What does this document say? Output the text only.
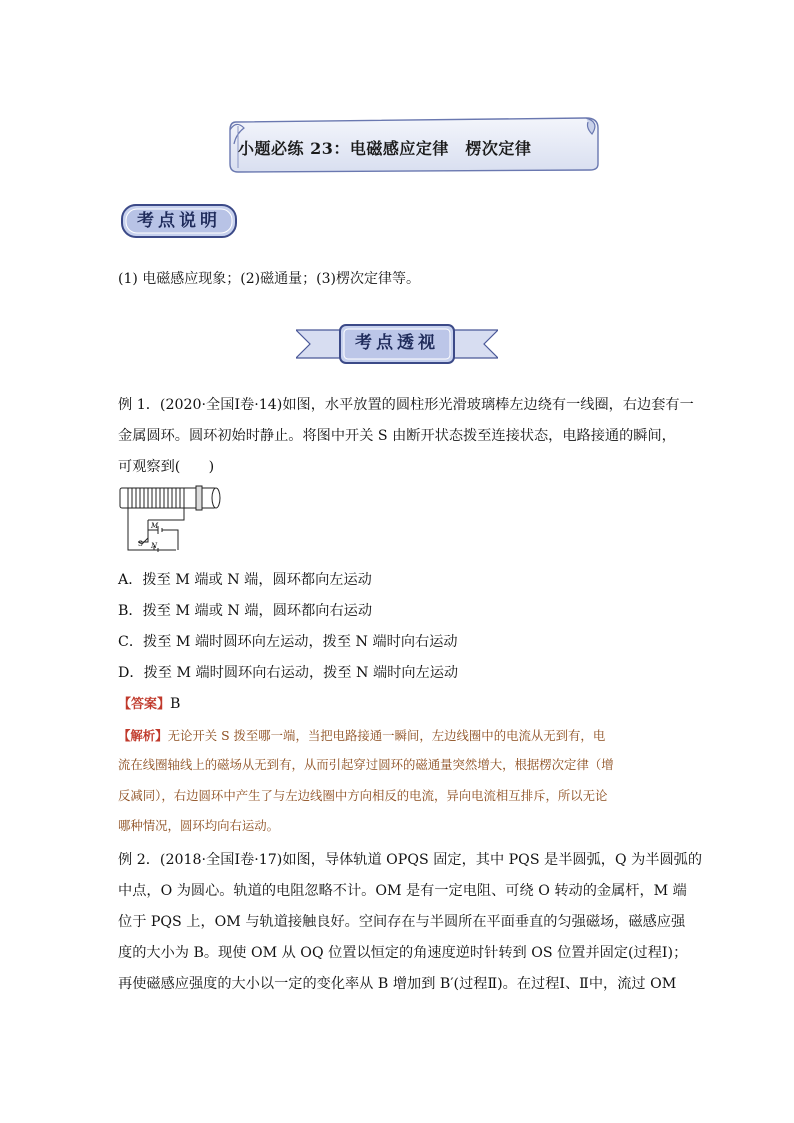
小题必练 23：电磁感应定律　楞次定律
考点说明
(1) 电磁感应现象；(2)磁通量；(3)楞次定律等。
考点透视
例 1．(2020·全国Ⅰ卷·14)如图，水平放置的圆柱形光滑玻璃棒左边绕有一线圈，右边套有一
金属圆环。圆环初始时静止。将图中开关 S 由断开状态拨至连接状态，电路接通的瞬间，
可观察到(　　)
M
N
S
A．拨至 M 端或 N 端，圆环都向左运动
B．拨至 M 端或 N 端，圆环都向右运动
C．拨至 M 端时圆环向左运动，拨至 N 端时向右运动
D．拨至 M 端时圆环向右运动，拨至 N 端时向左运动
【答案】B
【解析】无论开关 S 拨至哪一端，当把电路接通一瞬间，左边线圈中的电流从无到有，电
流在线圈轴线上的磁场从无到有，从而引起穿过圆环的磁通量突然增大，根据楞次定律（增
反减同），右边圆环中产生了与左边线圈中方向相反的电流，异向电流相互排斥，所以无论
哪种情况，圆环均向右运动。
例 2．(2018·全国Ⅰ卷·17)如图，导体轨道 OPQS 固定，其中 PQS 是半圆弧，Q 为半圆弧的
中点，O 为圆心。轨道的电阻忽略不计。OM 是有一定电阻、可绕 O 转动的金属杆，M 端
位于 PQS 上，OM 与轨道接触良好。空间存在与半圆所在平面垂直的匀强磁场，磁感应强
度的大小为 B。现使 OM 从 OQ 位置以恒定的角速度逆时针转到 OS 位置并固定(过程Ⅰ)；
再使磁感应强度的大小以一定的变化率从 B 增加到 B′(过程Ⅱ)。在过程Ⅰ、Ⅱ中，流过 OM
